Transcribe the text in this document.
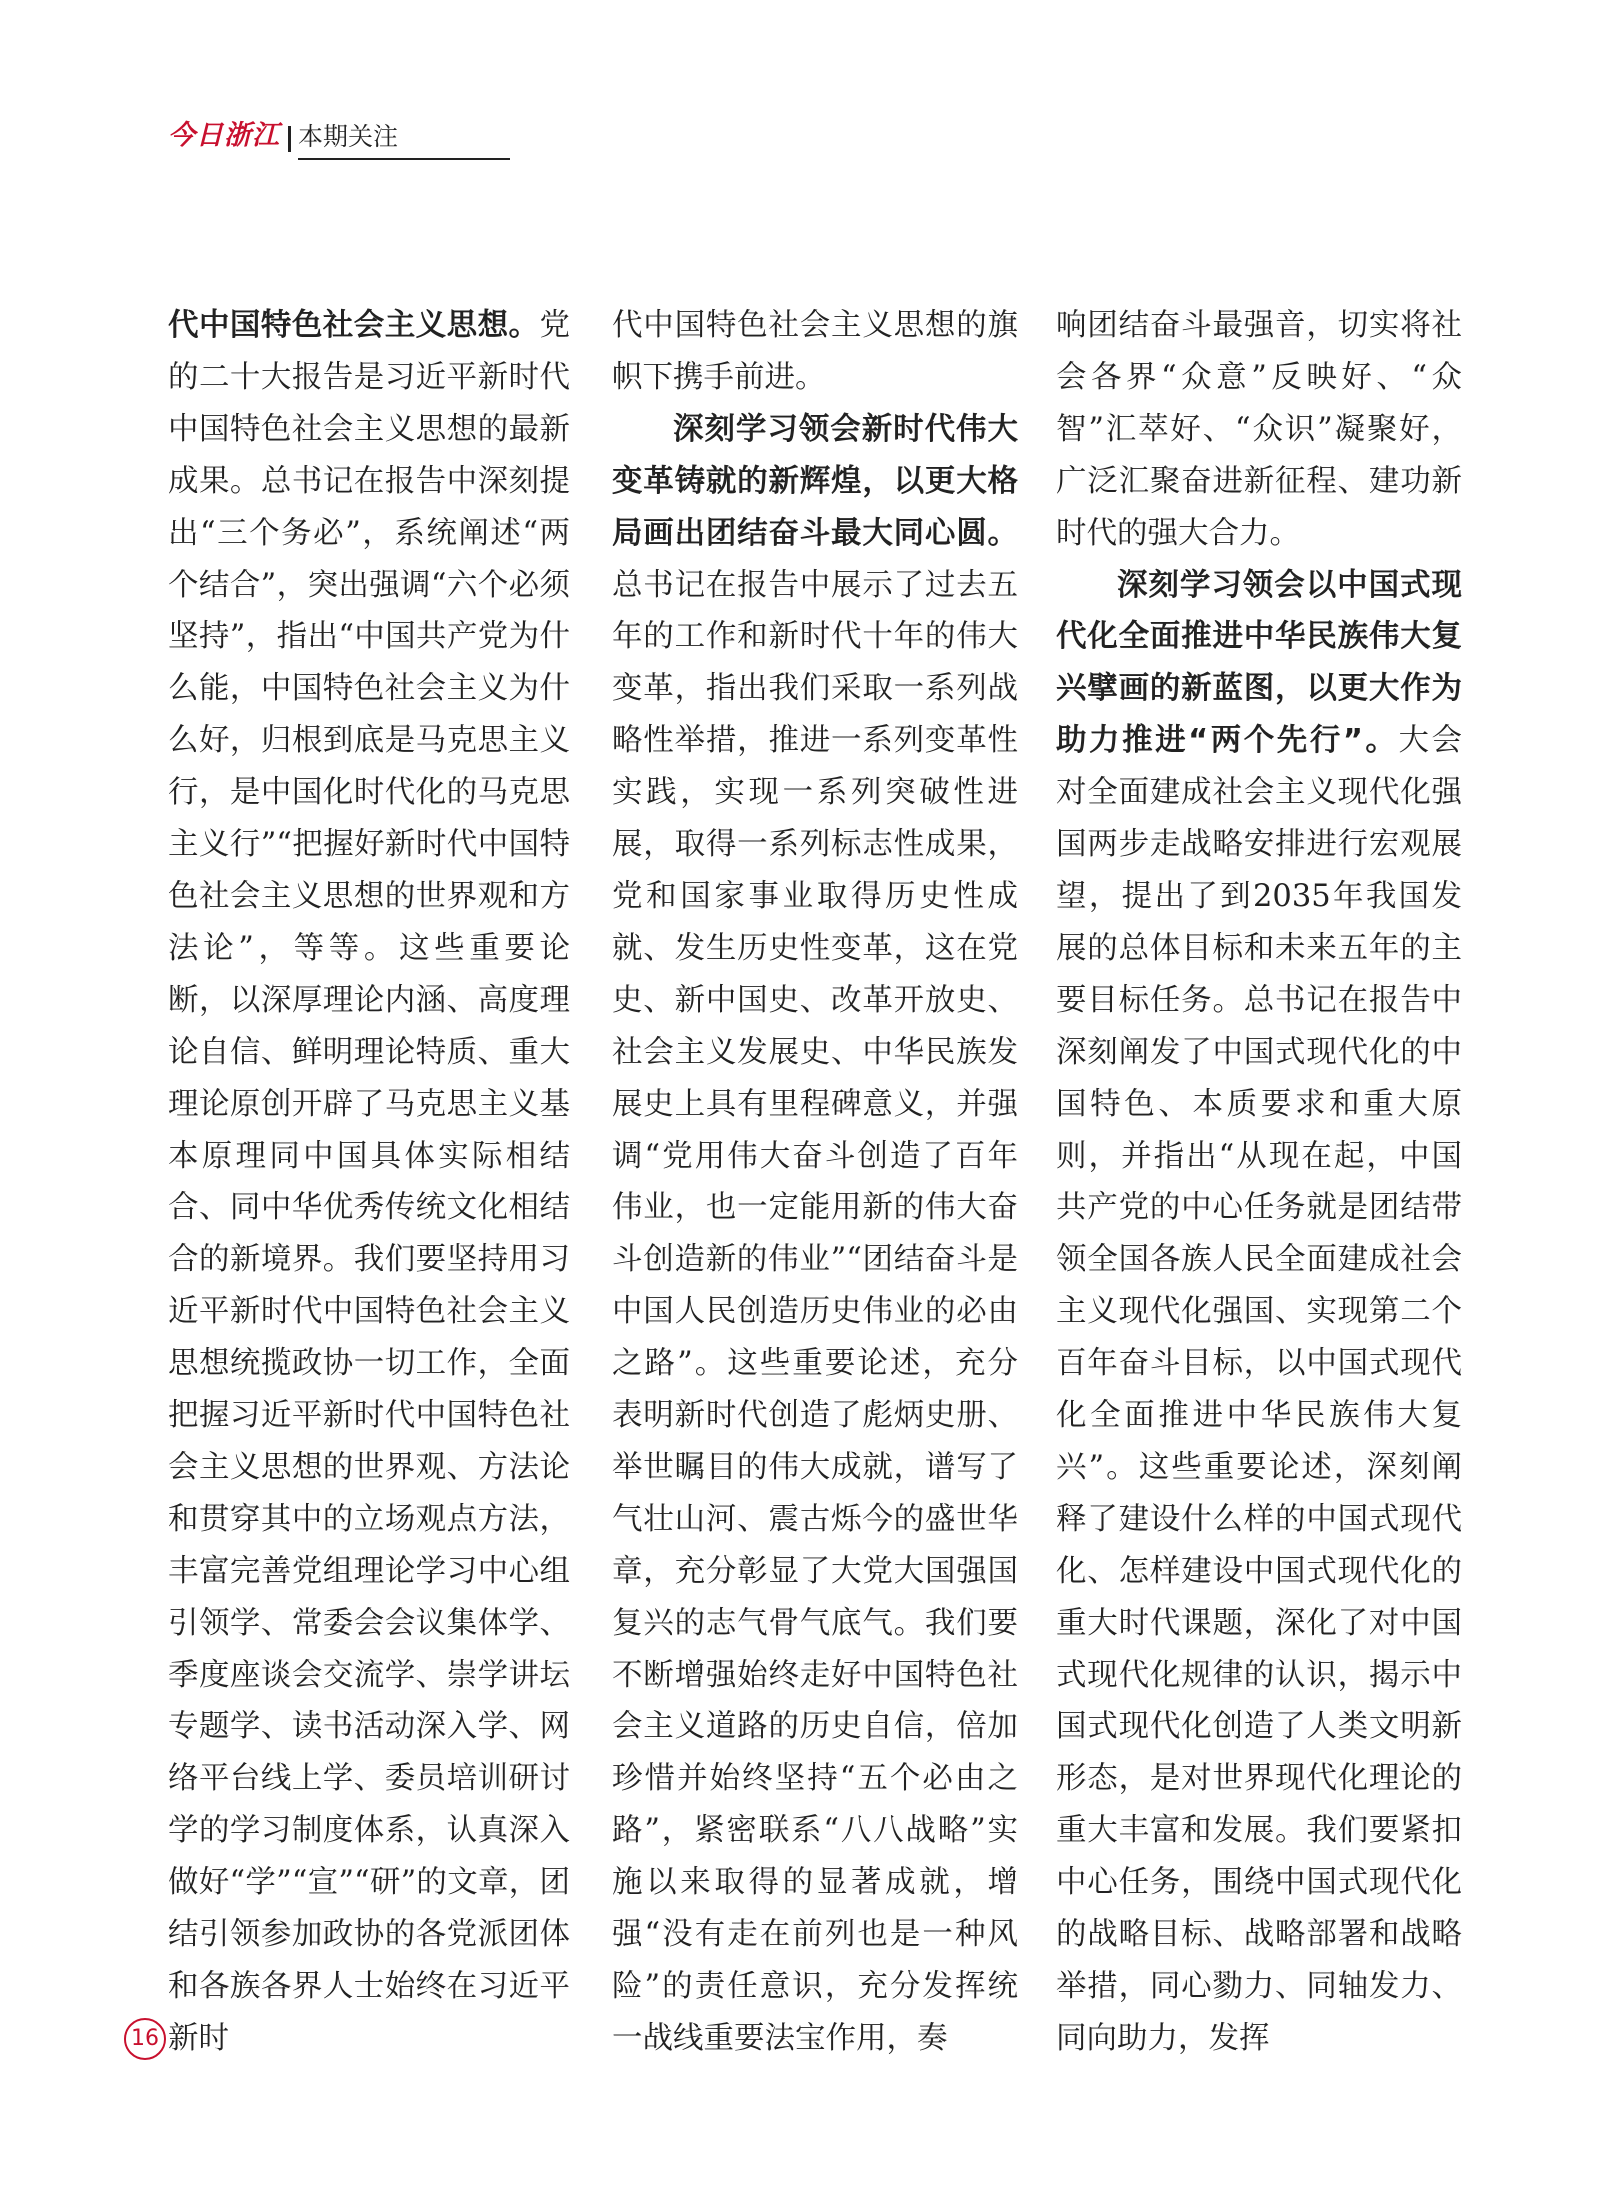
今日浙江 本期关注

代中国特色社会主义思想。党的二十大报告是习近平新时代中国特色社会主义思想的最新成果。总书记在报告中深刻提出“三个务必”，系统阐述“两个结合”，突出强调“六个必须坚持”，指出“中国共产党为什么能，中国特色社会主义为什么好，归根到底是马克思主义行，是中国化时代化的马克思主义行”“把握好新时代中国特色社会主义思想的世界观和方法论”，等等。这些重要论断，以深厚理论内涵、高度理论自信、鲜明理论特质、重大理论原创开辟了马克思主义基本原理同中国具体实际相结合、同中华优秀传统文化相结合的新境界。我们要坚持用习近平新时代中国特色社会主义思想统揽政协一切工作，全面把握习近平新时代中国特色社会主义思想的世界观、方法论和贯穿其中的立场观点方法，丰富完善党组理论学习中心组引领学、常委会会议集体学、季度座谈会交流学、崇学讲坛专题学、读书活动深入学、网络平台线上学、委员培训研讨学的学习制度体系，认真深入做好“学”“宣”“研”的文章，团结引领参加政协的各党派团体和各族各界人士始终在习近平新时

代中国特色社会主义思想的旗帜下携手前进。

深刻学习领会新时代伟大变革铸就的新辉煌，以更大格局画出团结奋斗最大同心圆。总书记在报告中展示了过去五年的工作和新时代十年的伟大变革，指出我们采取一系列战略性举措，推进一系列变革性实践，实现一系列突破性进展，取得一系列标志性成果，党和国家事业取得历史性成就、发生历史性变革，这在党史、新中国史、改革开放史、社会主义发展史、中华民族发展史上具有里程碑意义，并强调“党用伟大奋斗创造了百年伟业，也一定能用新的伟大奋斗创造新的伟业”“团结奋斗是中国人民创造历史伟业的必由之路”。这些重要论述，充分表明新时代创造了彪炳史册、举世瞩目的伟大成就，谱写了气壮山河、震古烁今的盛世华章，充分彰显了大党大国强国复兴的志气骨气底气。我们要不断增强始终走好中国特色社会主义道路的历史自信，倍加珍惜并始终坚持“五个必由之路”，紧密联系“八八战略”实施以来取得的显著成就，增强“没有走在前列也是一种风险”的责任意识，充分发挥统一战线重要法宝作用，奏

响团结奋斗最强音，切实将社会各界“众意”反映好、“众智”汇萃好、“众识”凝聚好，广泛汇聚奋进新征程、建功新时代的强大合力。

深刻学习领会以中国式现代化全面推进中华民族伟大复兴擘画的新蓝图，以更大作为助力推进“两个先行”。大会对全面建成社会主义现代化强国两步走战略安排进行宏观展望，提出了到2035年我国发展的总体目标和未来五年的主要目标任务。总书记在报告中深刻阐发了中国式现代化的中国特色、本质要求和重大原则，并指出“从现在起，中国共产党的中心任务就是团结带领全国各族人民全面建成社会主义现代化强国、实现第二个百年奋斗目标，以中国式现代化全面推进中华民族伟大复兴”。这些重要论述，深刻阐释了建设什么样的中国式现代化、怎样建设中国式现代化的重大时代课题，深化了对中国式现代化规律的认识，揭示中国式现代化创造了人类文明新形态，是对世界现代化理论的重大丰富和发展。我们要紧扣中心任务，围绕中国式现代化的战略目标、战略部署和战略举措，同心勠力、同轴发力、同向助力，发挥

16
